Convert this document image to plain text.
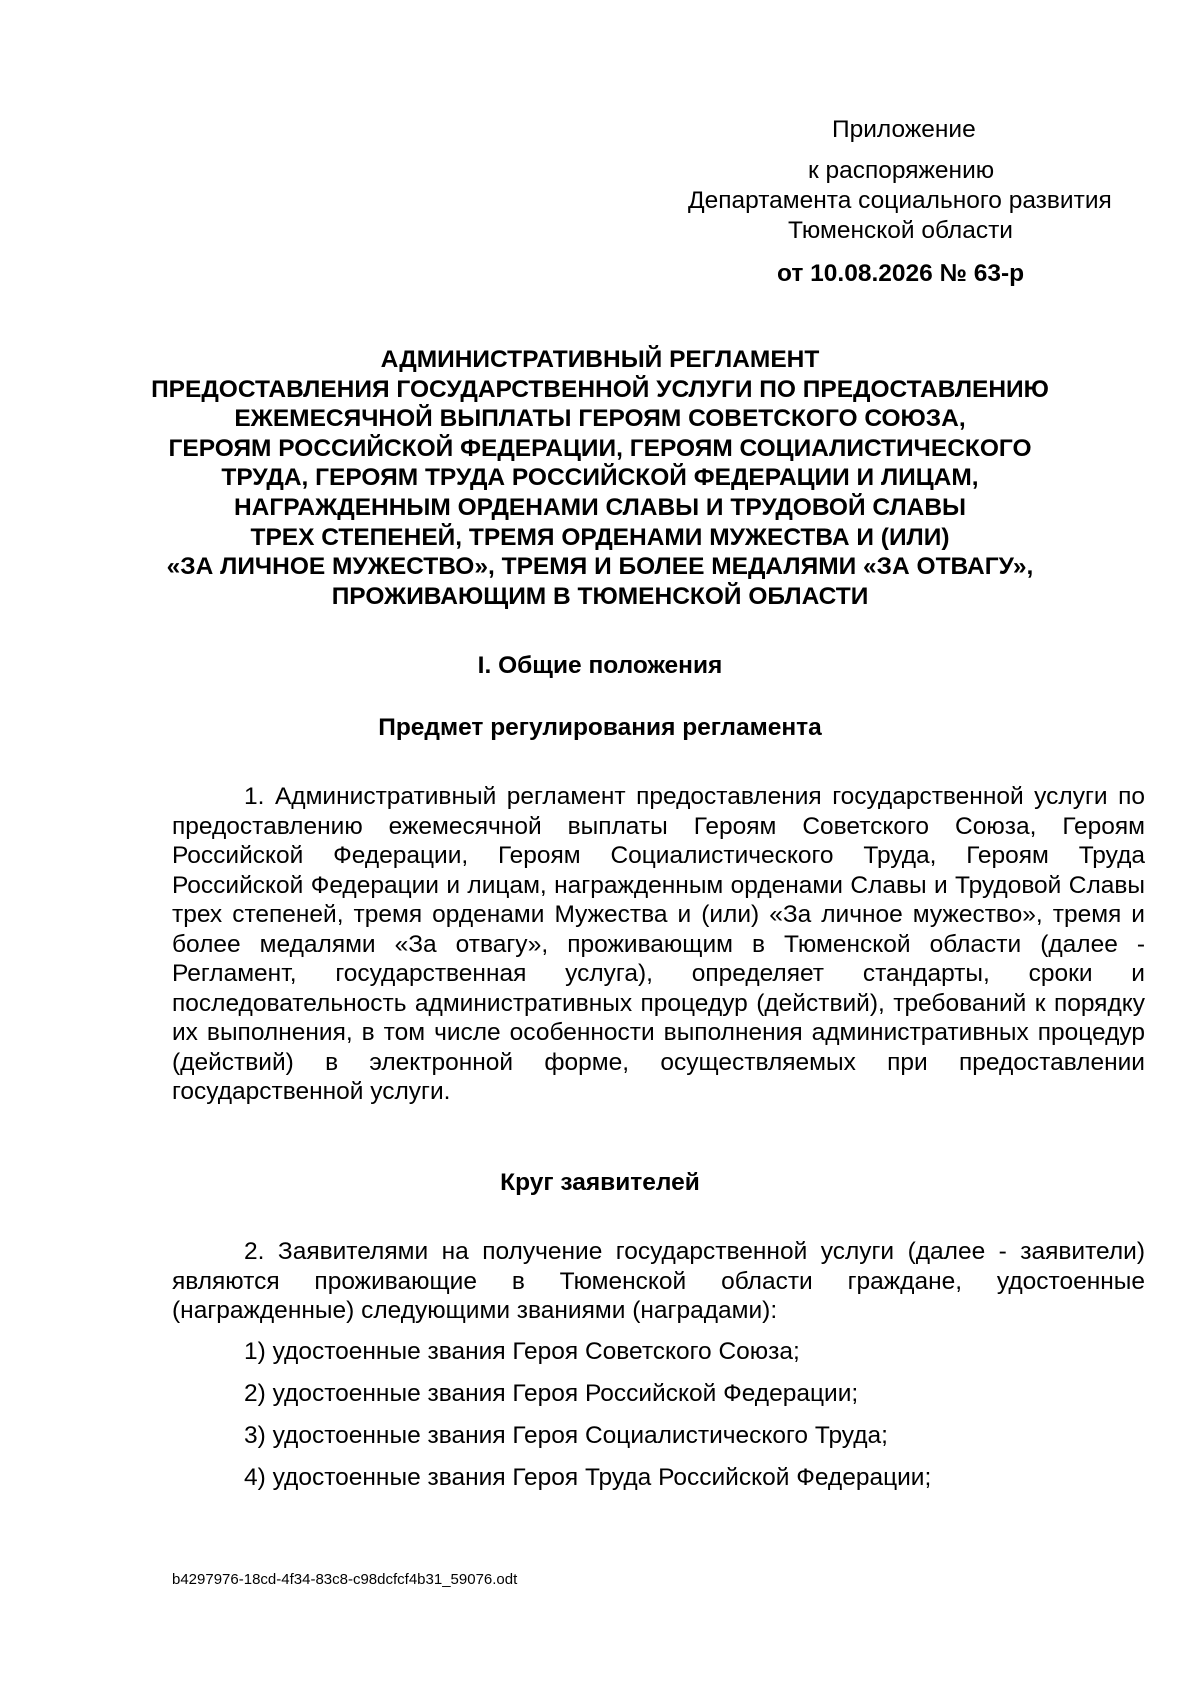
Приложение
к распоряжению
Департамента социального развития
Тюменской области
от 10.08.2026 № 63-р
АДМИНИСТРАТИВНЫЙ РЕГЛАМЕНТ
ПРЕДОСТАВЛЕНИЯ ГОСУДАРСТВЕННОЙ УСЛУГИ ПО ПРЕДОСТАВЛЕНИЮ
ЕЖЕМЕСЯЧНОЙ ВЫПЛАТЫ ГЕРОЯМ СОВЕТСКОГО СОЮЗА,
ГЕРОЯМ РОССИЙСКОЙ ФЕДЕРАЦИИ, ГЕРОЯМ СОЦИАЛИСТИЧЕСКОГО
ТРУДА, ГЕРОЯМ ТРУДА РОССИЙСКОЙ ФЕДЕРАЦИИ И ЛИЦАМ,
НАГРАЖДЕННЫМ ОРДЕНАМИ СЛАВЫ И ТРУДОВОЙ СЛАВЫ
ТРЕХ СТЕПЕНЕЙ, ТРЕМЯ ОРДЕНАМИ МУЖЕСТВА И (ИЛИ)
«ЗА ЛИЧНОЕ МУЖЕСТВО», ТРЕМЯ И БОЛЕЕ МЕДАЛЯМИ «ЗА ОТВАГУ»,
ПРОЖИВАЮЩИМ В ТЮМЕНСКОЙ ОБЛАСТИ
I. Общие положения
Предмет регулирования регламента
1. Административный регламент предоставления государственной услуги по предоставлению ежемесячной выплаты Героям Советского Союза, Героям Российской Федерации, Героям Социалистического Труда, Героям Труда Российской Федерации и лицам, награжденным орденами Славы и Трудовой Славы трех степеней, тремя орденами Мужества и (или) «За личное мужество», тремя и более медалями «За отвагу», проживающим в Тюменской области (далее - Регламент, государственная услуга), определяет стандарты, сроки и последовательность административных процедур (действий), требований к порядку их выполнения, в том числе особенности выполнения административных процедур (действий) в электронной форме, осуществляемых при предоставлении государственной услуги.
Круг заявителей
2. Заявителями на получение государственной услуги (далее - заявители) являются проживающие в Тюменской области граждане, удостоенные (награжденные) следующими званиями (наградами):
1) удостоенные звания Героя Советского Союза;
2) удостоенные звания Героя Российской Федерации;
3) удостоенные звания Героя Социалистического Труда;
4) удостоенные звания Героя Труда Российской Федерации;
b4297976-18cd-4f34-83c8-c98dcfcf4b31_59076.odt
